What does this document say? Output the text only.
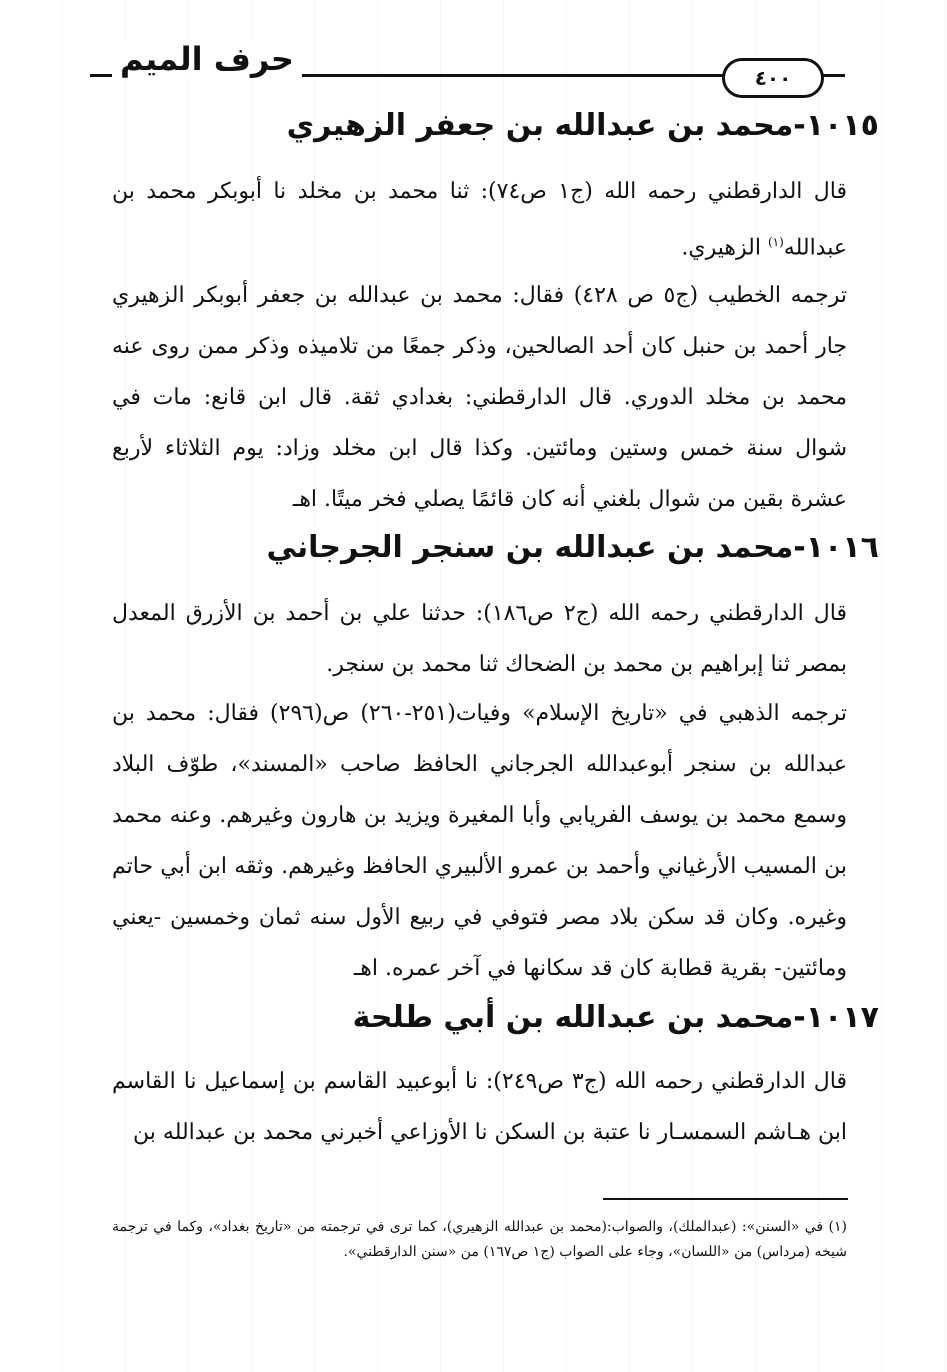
حرف الميم	٤٠٠
١٠١٥-محمد بن عبدالله بن جعفر الزهيري
قال الدارقطني رحمه الله (ج١ ص٧٤): ثنا محمد بن مخلد نا أبوبكر محمد بن عبدالله$^{(١)}$ الزهيري.
ترجمه الخطيب (ج٥ ص ٤٢٨) فقال: محمد بن عبدالله بن جعفر أبوبكر الزهيري جار أحمد بن حنبل كان أحد الصالحين، وذكر جمعًا من تلاميذه وذكر ممن روى عنه محمد بن مخلد الدوري. قال الدارقطني: بغدادي ثقة. قال ابن قانع: مات في شوال سنة خمس وستين ومائتين. وكذا قال ابن مخلد وزاد: يوم الثلاثاء لأربع عشرة بقين من شوال بلغني أنه كان قائمًا يصلي فخر ميتًا. اهـ
١٠١٦-محمد بن عبدالله بن سنجر الجرجاني
قال الدارقطني رحمه الله (ج٢ ص١٨٦): حدثنا علي بن أحمد بن الأزرق المعدل بمصر ثنا إبراهيم بن محمد بن الضحاك ثنا محمد بن سنجر.
ترجمه الذهبي في «تاريخ الإسلام» وفيات(٢٥١-٢٦٠) ص(٢٩٦) فقال: محمد بن عبدالله بن سنجر أبوعبدالله الجرجاني الحافظ صاحب «المسند»، طوّف البلاد وسمع محمد بن يوسف الفريابي وأبا المغيرة ويزيد بن هارون وغيرهم. وعنه محمد بن المسيب الأرغياني وأحمد بن عمرو الألبيري الحافظ وغيرهم. وثقه ابن أبي حاتم وغيره. وكان قد سكن بلاد مصر فتوفي في ربيع الأول سنه ثمان وخمسين -يعني ومائتين- بقرية قطابة كان قد سكانها في آخر عمره. اهـ
١٠١٧-محمد بن عبدالله بن أبي طلحة
قال الدارقطني رحمه الله (ج٣ ص٢٤٩): نا أبوعبيد القاسم بن إسماعيل نا القاسم ابن هـاشم السمسـار نا عتبة بن السكن نا الأوزاعي أخبرني محمد بن عبدالله بن
(١) في «السنن»: (عبدالملك)، والصواب:(محمد بن عبدالله الزهيري)، كما ترى في ترجمته من «تاريخ بغداد»، وكما في ترجمة شيخه (مرداس) من «اللسان»، وجاء على الصواب (ج١ ص١٦٧) من «سنن الدارقطني».
